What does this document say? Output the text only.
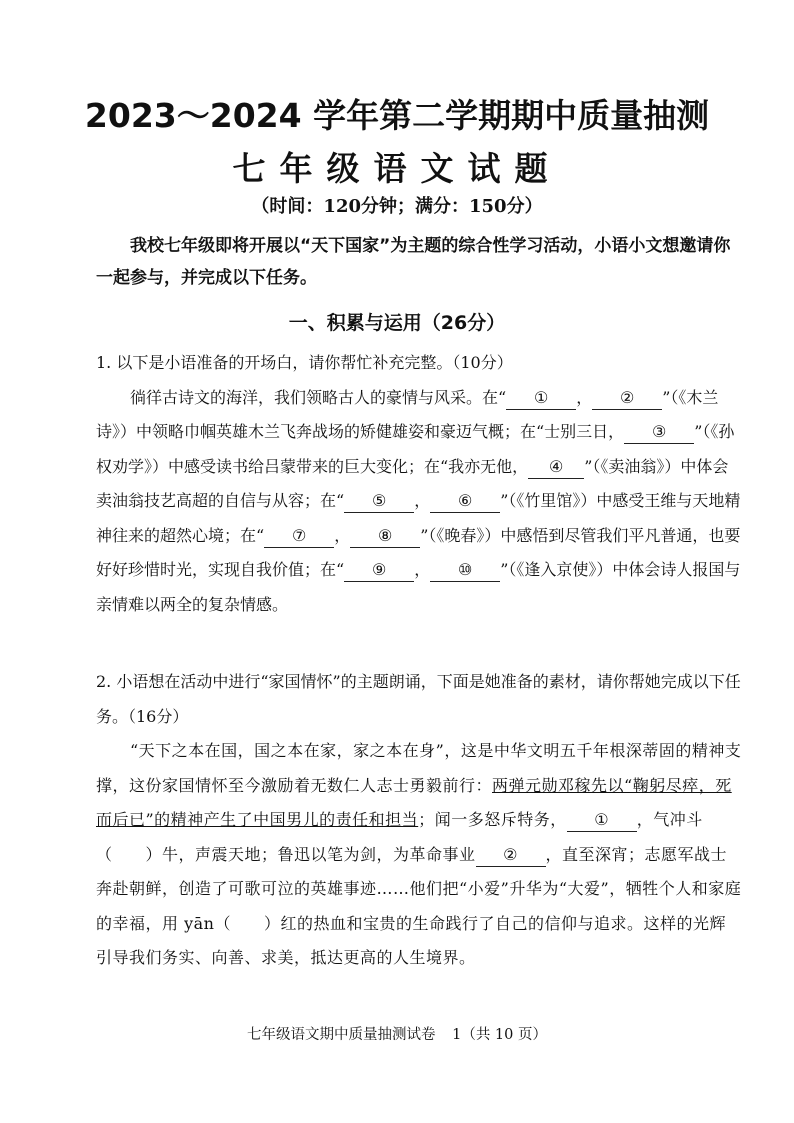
2023～2024 学年第二学期期中质量抽测
七年级语文试题
（时间：120分钟；满分：150分）
我校七年级即将开展以“天下国家”为主题的综合性学习活动，小语小文想邀请你一起参与，并完成以下任务。
一、积累与运用（26分）

1. 以下是小语准备的开场白，请你帮忙补充完整。（10分）

徜徉古诗文的海洋，我们领略古人的豪情与风采。在“ ① ， ② ”（《木兰诗》）中领略巾帼英雄木兰飞奔战场的矫健雄姿和豪迈气概；在“士别三日， ③ ”（《孙权劝学》）中感受读书给吕蒙带来的巨大变化；在“我亦无他， ④ ”（《卖油翁》）中体会卖油翁技艺高超的自信与从容；在“ ⑤ ， ⑥ ”（《竹里馆》）中感受王维与天地精神往来的超然心境；在“ ⑦ ， ⑧ ”（《晚春》）中感悟到尽管我们平凡普通，也要好好珍惜时光，实现自我价值；在“ ⑨ ， ⑩ ”（《逢入京使》）中体会诗人报国与亲情难以两全的复杂情感。

2. 小语想在活动中进行“家国情怀”的主题朗诵，下面是她准备的素材，请你帮她完成以下任务。（16分）

“天下之本在国，国之本在家，家之本在身”，这是中华文明五千年根深蒂固的精神支撑，这份家国情怀至今激励着无数仁人志士勇毅前行：两弹元勋邓稼先以“鞠躬尽瘁，死而后已”的精神产生了中国男儿的责任和担当；闻一多怒斥特务， ① ，气冲斗（　　）牛，声震天地；鲁迅以笔为剑，为革命事业 ② ，直至深宵；志愿军战士奔赴朝鲜，创造了可歌可泣的英雄事迹……他们把“小爱”升华为“大爱”，牺牲个人和家庭的幸福，用 yān（　　）红的热血和宝贵的生命践行了自己的信仰与追求。这样的光辉引导我们务实、向善、求美，抵达更高的人生境界。

七年级语文期中质量抽测试卷 1（共 10 页）
